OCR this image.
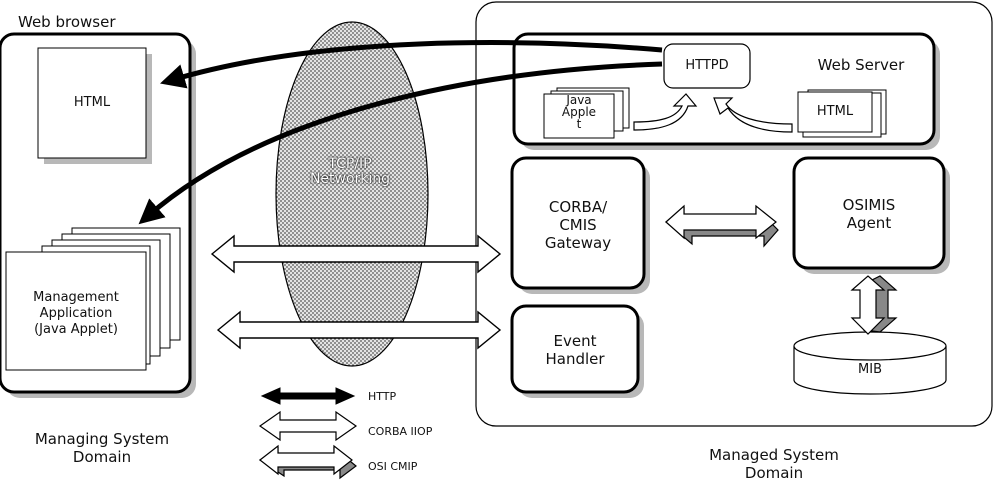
Web browser
HTML
Management
Application
(Java Applet)
TCP/IP
Networking
Web Server
HTTPD
Java
Apple
t
HTML
CORBA/
CMIS
Gateway
OSIMIS
Agent
Event
Handler
MIB
HTTP
CORBA IIOP
OSI CMIP
Managing System
Domain	Managed System
Domain
